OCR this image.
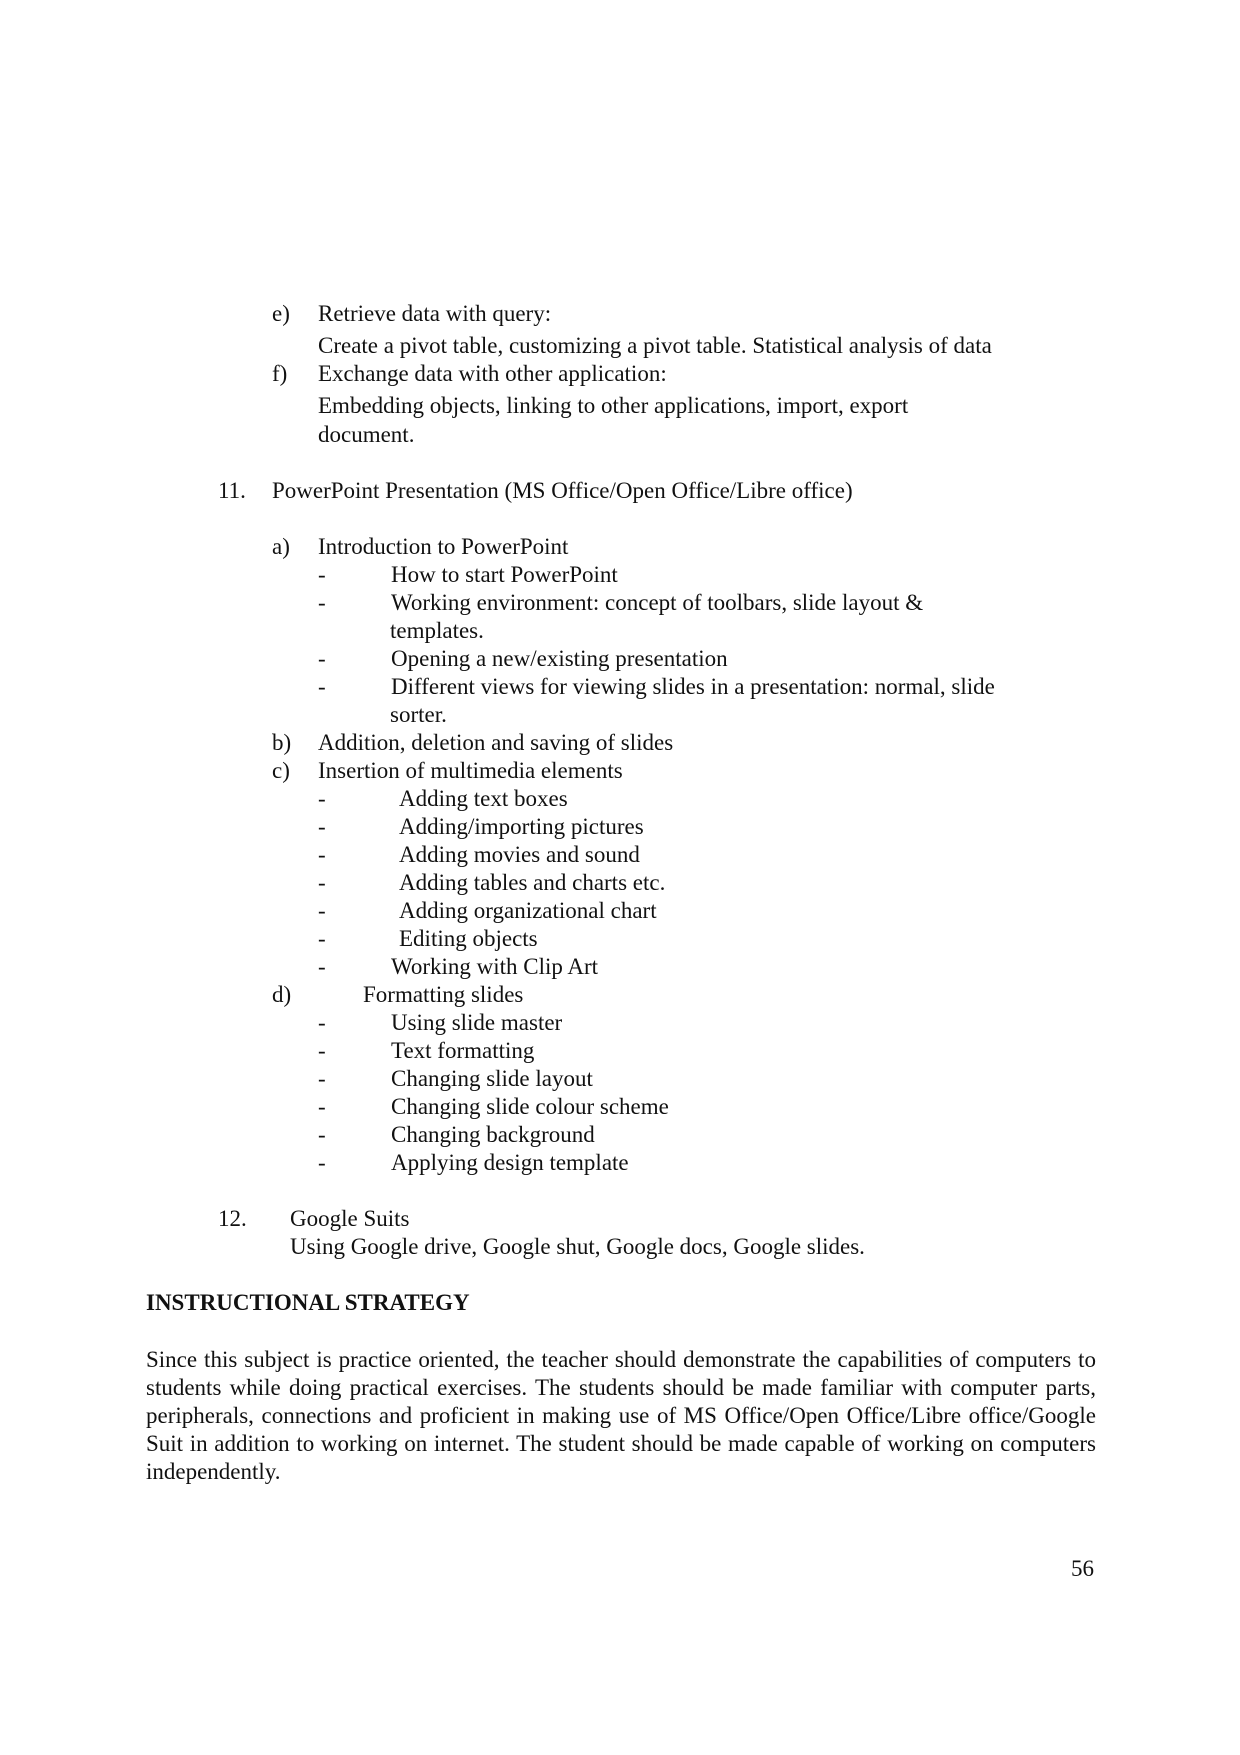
e) Retrieve data with query:
Create a pivot table, customizing a pivot table. Statistical analysis of data
f) Exchange data with other application:
Embedding objects, linking to other applications, import, export
document.
11. PowerPoint Presentation (MS Office/Open Office/Libre office)
a) Introduction to PowerPoint
-	How to start PowerPoint
-	Working environment: concept of toolbars, slide layout &
templates.
-	Opening a new/existing presentation
-	Different views for viewing slides in a presentation: normal, slide
sorter.
b) Addition, deletion and saving of slides
c) Insertion of multimedia elements
-	Adding text boxes
-	Adding/importing pictures
-	Adding movies and sound
-	Adding tables and charts etc.
-	Adding organizational chart
-	Editing objects
-	Working with Clip Art
d)	Formatting slides
-	Using slide master
-	Text formatting
-	Changing slide layout
-	Changing slide colour scheme
-	Changing background
-	Applying design template
12. Google Suits
Using Google drive, Google shut, Google docs, Google slides.
INSTRUCTIONAL STRATEGY
Since this subject is practice oriented, the teacher should demonstrate the capabilities of computers to students while doing practical exercises. The students should be made familiar with computer parts, peripherals, connections and proficient in making use of MS Office/Open Office/Libre office/Google Suit in addition to working on internet. The student should be made capable of working on computers independently.
56
